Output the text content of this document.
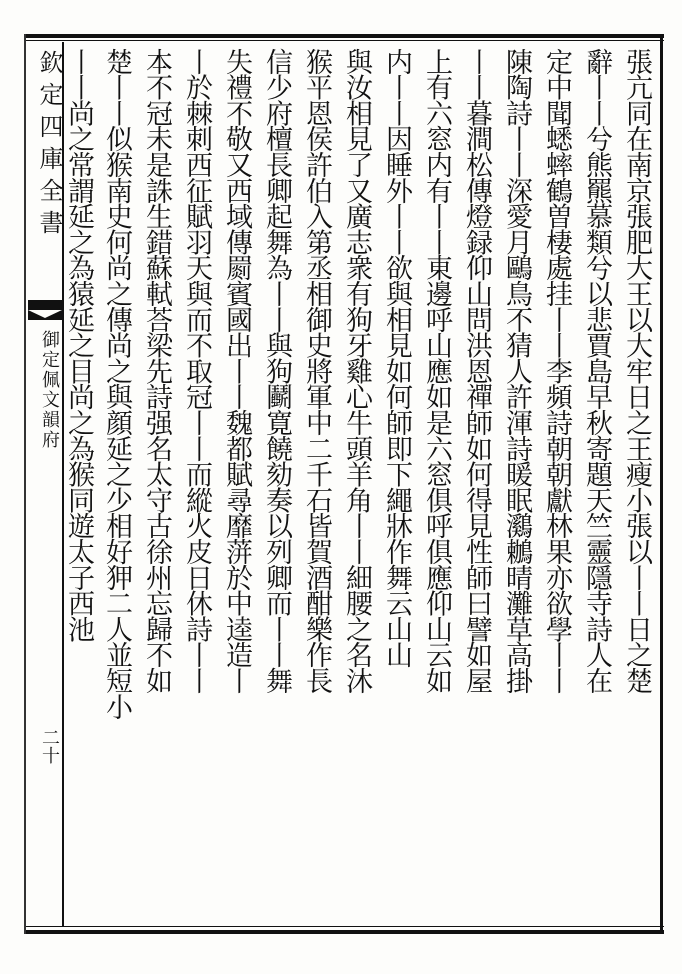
欽定四庫全書
御定佩文韻府
二十
張亢同在南京張肥大王以大牢日之王瘦小張以丨丨日之楚
辭丨丨兮熊羆慕類兮以悲賈島早秋寄題天竺靈隱寺詩人在
定中聞蟋蟀鶴曽棲處挂丨丨李頻詩朝朝獻林果亦欲學丨丨
陳陶詩丨丨深愛月鷗鳥不猜人許渾詩暖眠鸂鶒晴灘草高掛
丨丨暮澗松傳燈録仰山問洪恩禪師如何得見性師曰譬如屋
上有六窓内有丨丨東邊呼山應如是六窓俱呼俱應仰山云如
内丨丨因睡外丨丨欲與相見如何師即下繩牀作舞云山山
與汝相見了又廣志衆有狗牙雞心牛頭羊角丨丨細腰之名沐
猴平恩侯許伯入第丞相御史將軍中二千石皆賀酒酣樂作長
信少府檀長卿起舞為丨丨與狗鬬寛饒劾奏以列卿而丨丨舞
失禮不敬又西域傳罽賓國出丨丨魏都賦尋靡蓱於中逵造丨
丨於棘刺西征賦羽天與而不取冠丨丨而縱火皮日休詩丨丨
本不冠未是誅生錯蘇軾荅梁先詩强名太守古徐州忘歸不如
楚丨丨似猴南史何尚之傳尚之與顔延之少相好狎二人並短小
丨丨尚之常謂延之為猿延之目尚之為猴同遊太子西池
